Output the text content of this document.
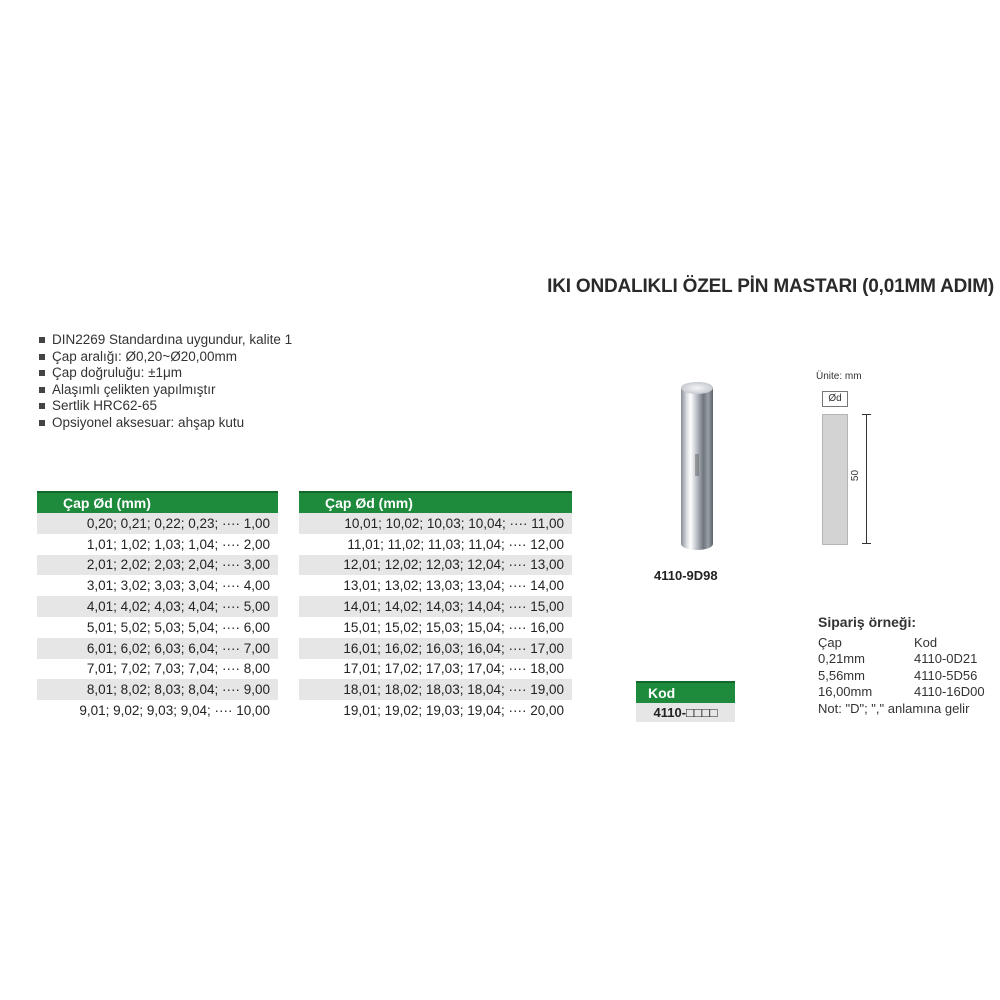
IKI ONDALIKLI ÖZEL PİN MASTARI (0,01MM ADIM)
DIN2269 Standardına uygundur, kalite 1
Çap aralığı: Ø0,20~Ø20,00mm
Çap doğruluğu: ±1μm
Alaşımlı çelikten yapılmıştır
Sertlik HRC62-65
Opsiyonel aksesuar: ahşap kutu
Çap Ød (mm)
0,20; 0,21; 0,22; 0,23; ···· 1,00
1,01; 1,02; 1,03; 1,04; ···· 2,00
2,01; 2,02; 2,03; 2,04; ···· 3,00
3,01; 3,02; 3,03; 3,04; ···· 4,00
4,01; 4,02; 4,03; 4,04; ···· 5,00
5,01; 5,02; 5,03; 5,04; ···· 6,00
6,01; 6,02; 6,03; 6,04; ···· 7,00
7,01; 7,02; 7,03; 7,04; ···· 8,00
8,01; 8,02; 8,03; 8,04; ···· 9,00
9,01; 9,02; 9,03; 9,04; ···· 10,00
Çap Ød (mm)
10,01; 10,02; 10,03; 10,04; ···· 11,00
11,01; 11,02; 11,03; 11,04; ···· 12,00
12,01; 12,02; 12,03; 12,04; ···· 13,00
13,01; 13,02; 13,03; 13,04; ···· 14,00
14,01; 14,02; 14,03; 14,04; ···· 15,00
15,01; 15,02; 15,03; 15,04; ···· 16,00
16,01; 16,02; 16,03; 16,04; ···· 17,00
17,01; 17,02; 17,03; 17,04; ···· 18,00
18,01; 18,02; 18,03; 18,04; ···· 19,00
19,01; 19,02; 19,03; 19,04; ···· 20,00
4110-9D98
Ünite: mm
Ød
50
Kod
4110-□□□□
Sipariş örneği:
Çap	Kod
0,21mm	4110-0D21
5,56mm	4110-5D56
16,00mm	4110-16D00
Not: "D"; "," anlamına gelir
